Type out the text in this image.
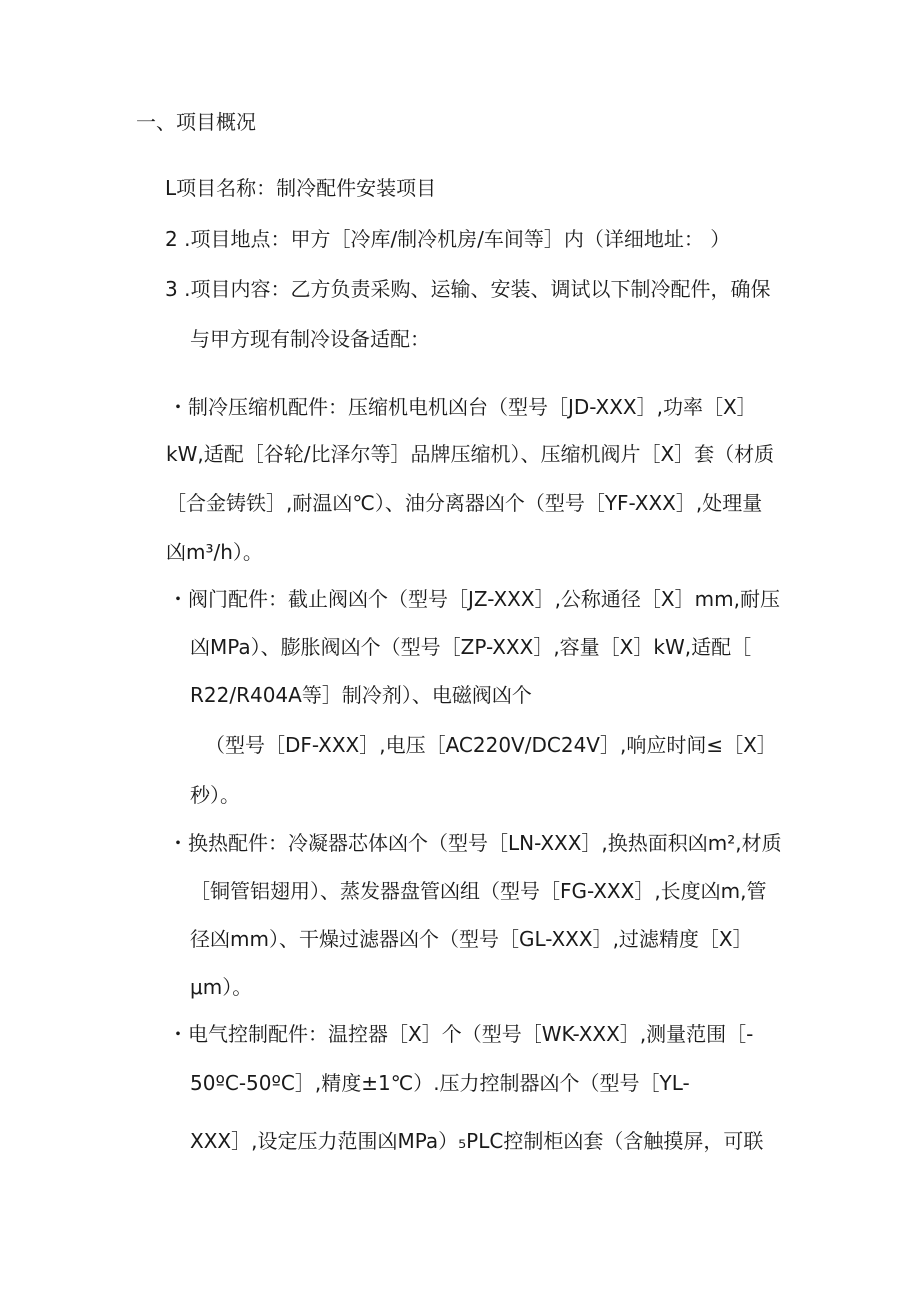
一、项目概况
L项目名称：制冷配件安装项目
2 .项目地点：甲方［冷库/制冷机房/车间等］内（详细地址： ）
3 .项目内容：乙方负责采购、运输、安装、调试以下制冷配件，确保
与甲方现有制冷设备适配：
・制冷压缩机配件：压缩机电机凶台（型号［JD-XXX］,功率［X］
kW,适配［谷轮/比泽尔等］品牌压缩机）、压缩机阀片［X］套（材质
［合金铸铁］,耐温凶℃）、油分离器凶个（型号［YF-XXX］,处理量
凶m³/h）。
・阀门配件：截止阀凶个（型号［JZ-XXX］,公称通径［X］mm,耐压
凶MPa）、膨胀阀凶个（型号［ZP-XXX］,容量［X］kW,适配［
R22/R404A等］制冷剂）、电磁阀凶个
（型号［DF-XXX］,电压［AC220V/DC24V］,响应时间≤［X］
秒）。
・换热配件：冷凝器芯体凶个（型号［LN-XXX］,换热面积凶m²,材质
［铜管铝翅用）、蒸发器盘管凶组（型号［FG-XXX］,长度凶m,管
径凶mm）、干燥过滤器凶个（型号［GL-XXX］,过滤精度［X］
μm）。
・电气控制配件：温控器［X］个（型号［WK-XXX］,测量范围［-
50ºC-50ºC］,精度±1℃）.压力控制器凶个（型号［YL-
XXX］,设定压力范围凶MPa）₅PLC控制柜凶套（含触摸屏，可联
